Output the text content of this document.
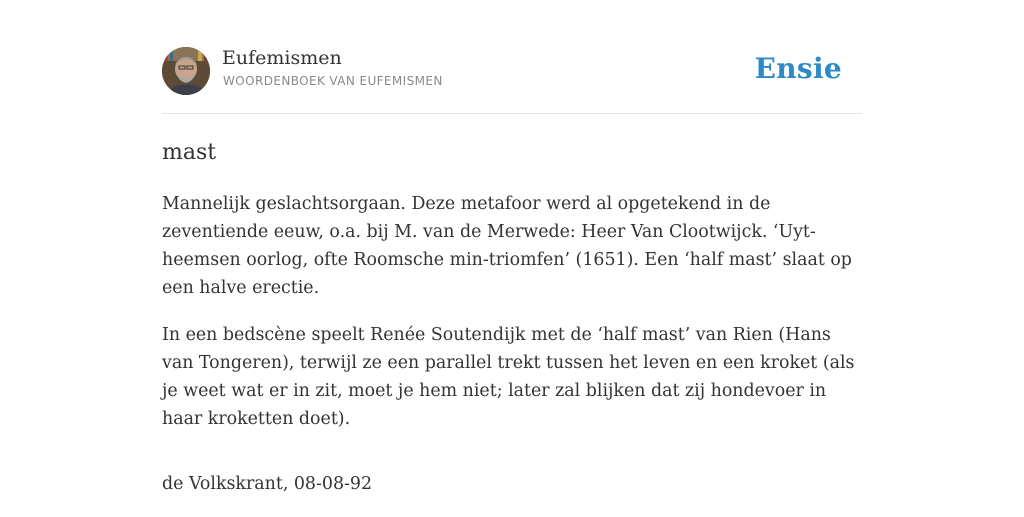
Eufemismen
WOORDENBOEK VAN EUFEMISMEN	Ensie
mast

Mannelijk geslachtsorgaan. Deze metafoor werd al opgetekend in de zeventiende eeuw, o.a. bij M. van de Merwede: Heer Van Clootwijck. ‘Uyt-heemsen oorlog, ofte Roomsche min-triomfen’ (1651). Een ‘half mast’ slaat op een halve erectie.

In een bedscène speelt Renée Soutendijk met de ‘half mast’ van Rien (Hans van Tongeren), terwijl ze een parallel trekt tussen het leven en een kroket (als je weet wat er in zit, moet je hem niet; later zal blijken dat zij hondevoer in haar kroketten doet).

de Volkskrant, 08-08-92
